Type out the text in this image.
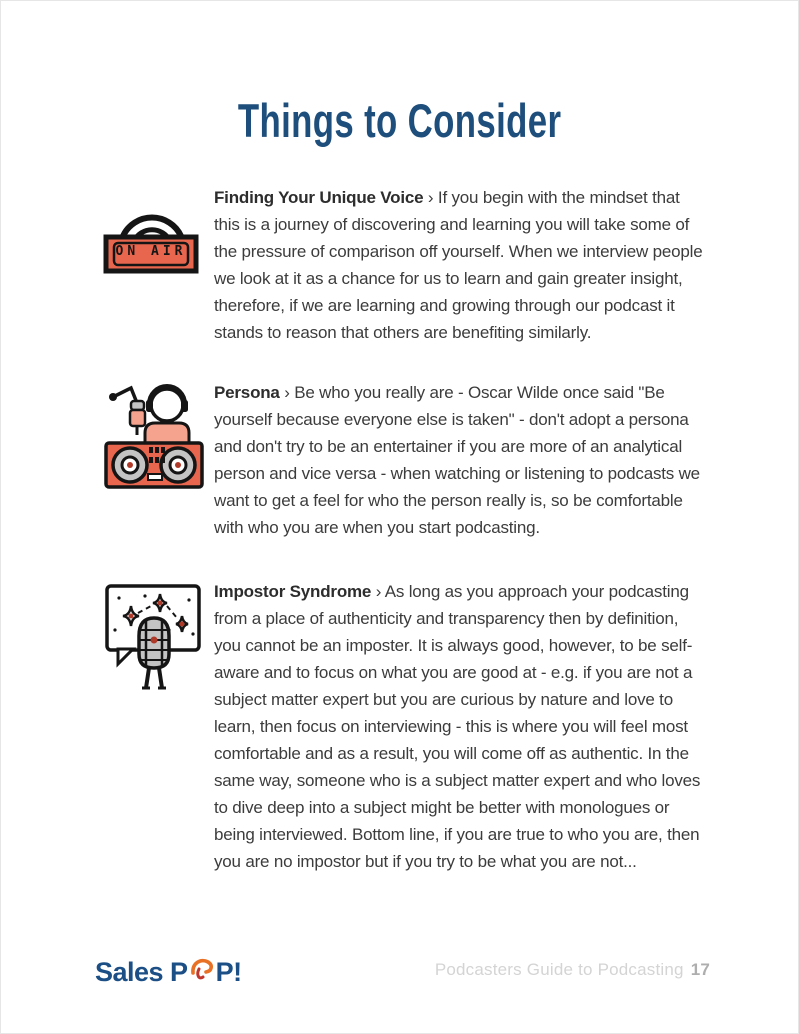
Things to Consider
ON AIR

Finding Your Unique Voice › If you begin with the mindset that this is a journey of discovering and learning you will take some of the pressure of comparison off yourself. When we interview people we look at it as a chance for us to learn and gain greater insight, therefore, if we are learning and growing through our podcast it stands to reason that others are benefiting similarly.

Persona › Be who you really are - Oscar Wilde once said "Be yourself because everyone else is taken" - don't adopt a persona and don't try to be an entertainer if you are more of an analytical person and vice versa - when watching or listening to podcasts we want to get a feel for who the person really is, so be comfortable with who you are when you start podcasting.

Impostor Syndrome › As long as you approach your podcasting from a place of authenticity and transparency then by definition, you cannot be an imposter. It is always good, however, to be self-aware and to focus on what you are good at - e.g. if you are not a subject matter expert but you are curious by nature and love to learn, then focus on interviewing - this is where you will feel most comfortable and as a result, you will come off as authentic. In the same way, someone who is a subject matter expert and who loves to dive deep into a subject might be better with monologues or being interviewed. Bottom line, if you are true to who you are, then you are no impostor but if you try to be what you are not...

Sales P P!	Podcasters Guide to Podcasting 17
